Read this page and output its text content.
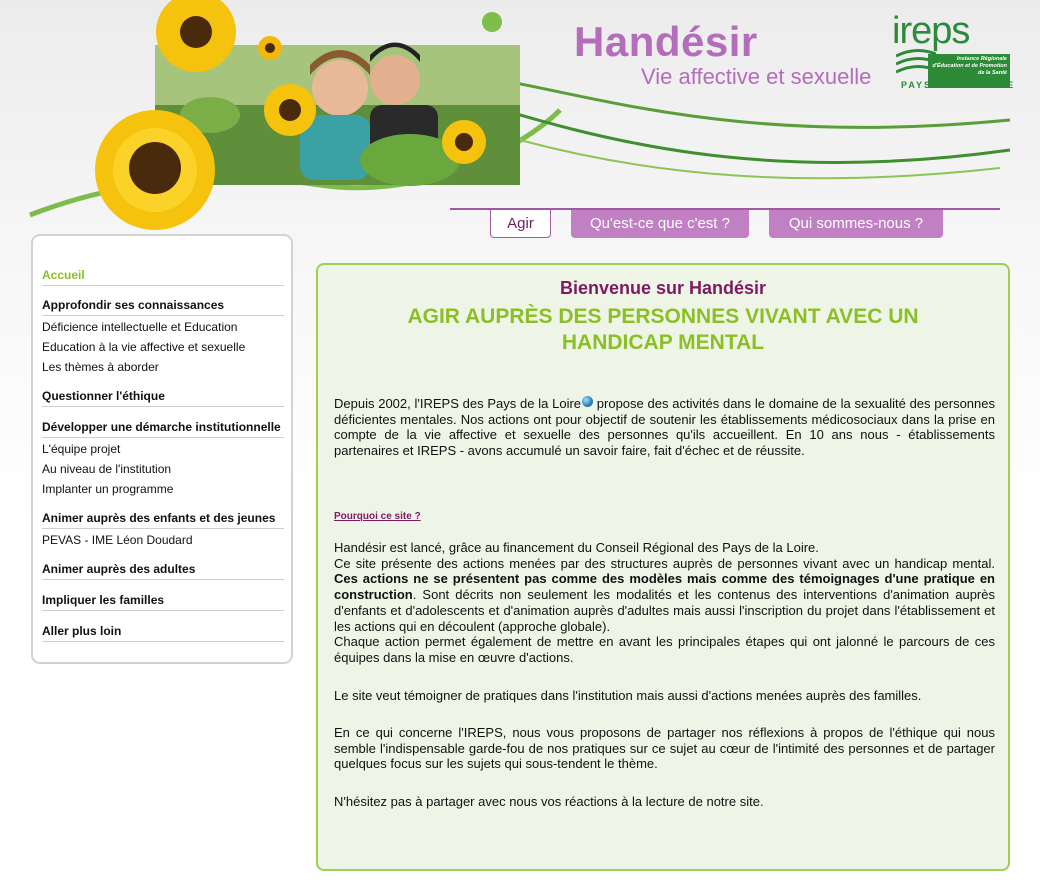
Handésir
Vie affective et sexuelle
ireps
Instance Régionale
d'Éducation et de Promotion
de la Santé
PAYS DE LA LOIRE
Agir	Qu'est-ce que c'est ?	Qui sommes-nous ?
Accueil
Approfondir ses connaissances
Déficience intellectuelle et Education
Education à la vie affective et sexuelle
Les thèmes à aborder
Questionner l'éthique
Développer une démarche institutionnelle
L'équipe projet
Au niveau de l'institution
Implanter un programme
Animer auprès des enfants et des jeunes
PEVAS - IME Léon Doudard
Animer auprès des adultes
Impliquer les familles
Aller plus loin
Bienvenue sur Handésir
AGIR AUPRÈS DES PERSONNES VIVANT AVEC UN
HANDICAP MENTAL
Depuis 2002, l'IREPS des Pays de la Loire propose des activités dans le domaine de la sexualité des personnes déficientes mentales. Nos actions ont pour objectif de soutenir les établissements médicosociaux dans la prise en compte de la vie affective et sexuelle des personnes qu'ils accueillent. En 10 ans nous - établissements partenaires et IREPS - avons accumulé un savoir faire, fait d'échec et de réussite.
Pourquoi ce site ?
Handésir est lancé, grâce au financement du Conseil Régional des Pays de la Loire.
Ce site présente des actions menées par des structures auprès de personnes vivant avec un handicap mental. Ces actions ne se présentent pas comme des modèles mais comme des témoignages d'une pratique en construction. Sont décrits non seulement les modalités et les contenus des interventions d'animation auprès d'enfants et d'adolescents et d'animation auprès d'adultes mais aussi l'inscription du projet dans l'établissement et les actions qui en découlent (approche globale).
Chaque action permet également de mettre en avant les principales étapes qui ont jalonné le parcours de ces équipes dans la mise en œuvre d'actions.
Le site veut témoigner de pratiques dans l'institution mais aussi d'actions menées auprès des familles.
En ce qui concerne l'IREPS, nous vous proposons de partager nos réflexions à propos de l'éthique qui nous semble l'indispensable garde-fou de nos pratiques sur ce sujet au cœur de l'intimité des personnes et de partager quelques focus sur les sujets qui sous-tendent le thème.
N'hésitez pas à partager avec nous vos réactions à la lecture de notre site.
